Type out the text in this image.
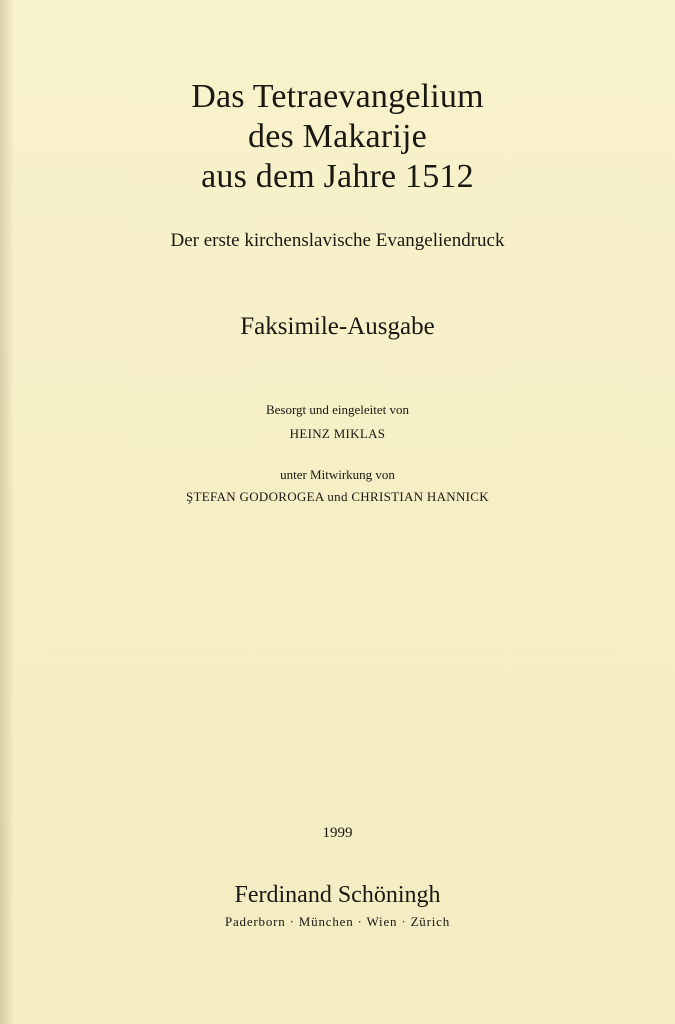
Das Tetraevangelium
des Makarije
aus dem Jahre 1512
Der erste kirchenslavische Evangeliendruck
Faksimile-Ausgabe
Besorgt und eingeleitet von
HEINZ MIKLAS
unter Mitwirkung von
ŞTEFAN GODOROGEA und CHRISTIAN HANNICK
1999
Ferdinand Schöningh
Paderborn · München · Wien · Zürich
